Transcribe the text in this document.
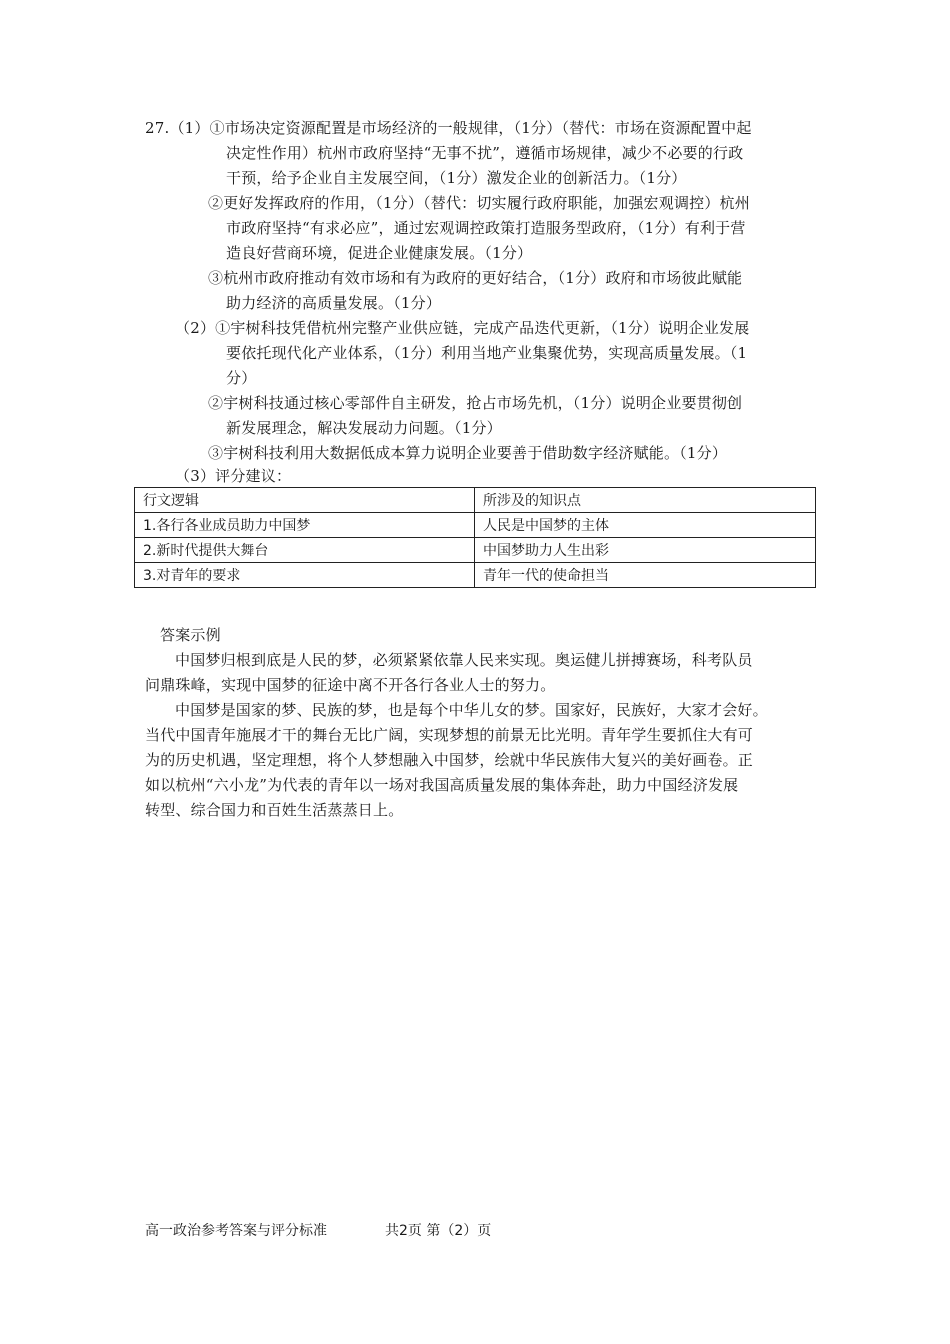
27.（1）①市场决定资源配置是市场经济的一般规律，（1分）（替代：市场在资源配置中起
决定性作用）杭州市政府坚持“无事不扰”，遵循市场规律，减少不必要的行政
干预，给予企业自主发展空间，（1分）激发企业的创新活力。（1分）
②更好发挥政府的作用，（1分）（替代：切实履行政府职能，加强宏观调控）杭州
市政府坚持“有求必应”，通过宏观调控政策打造服务型政府，（1分）有利于营
造良好营商环境，促进企业健康发展。（1分）
③杭州市政府推动有效市场和有为政府的更好结合，（1分）政府和市场彼此赋能
助力经济的高质量发展。（1分）
（2）①宇树科技凭借杭州完整产业供应链，完成产品迭代更新，（1分）说明企业发展
要依托现代化产业体系，（1分）利用当地产业集聚优势，实现高质量发展。（1
分）
②宇树科技通过核心零部件自主研发，抢占市场先机，（1分）说明企业要贯彻创
新发展理念，解决发展动力问题。（1分）
③宇树科技利用大数据低成本算力说明企业要善于借助数字经济赋能。（1分）
（3）评分建议：
行文逻辑	所涉及的知识点
1.各行各业成员助力中国梦	人民是中国梦的主体
2.新时代提供大舞台	中国梦助力人生出彩
3.对青年的要求	青年一代的使命担当
答案示例
中国梦归根到底是人民的梦，必须紧紧依靠人民来实现。奥运健儿拼搏赛场，科考队员
问鼎珠峰，实现中国梦的征途中离不开各行各业人士的努力。
中国梦是国家的梦、民族的梦，也是每个中华儿女的梦。国家好，民族好，大家才会好。
当代中国青年施展才干的舞台无比广阔，实现梦想的前景无比光明。青年学生要抓住大有可
为的历史机遇，坚定理想，将个人梦想融入中国梦，绘就中华民族伟大复兴的美好画卷。正
如以杭州“六小龙”为代表的青年以一场对我国高质量发展的集体奔赴，助力中国经济发展
转型、综合国力和百姓生活蒸蒸日上。
高一政治参考答案与评分标准	共2页 第（2）页
